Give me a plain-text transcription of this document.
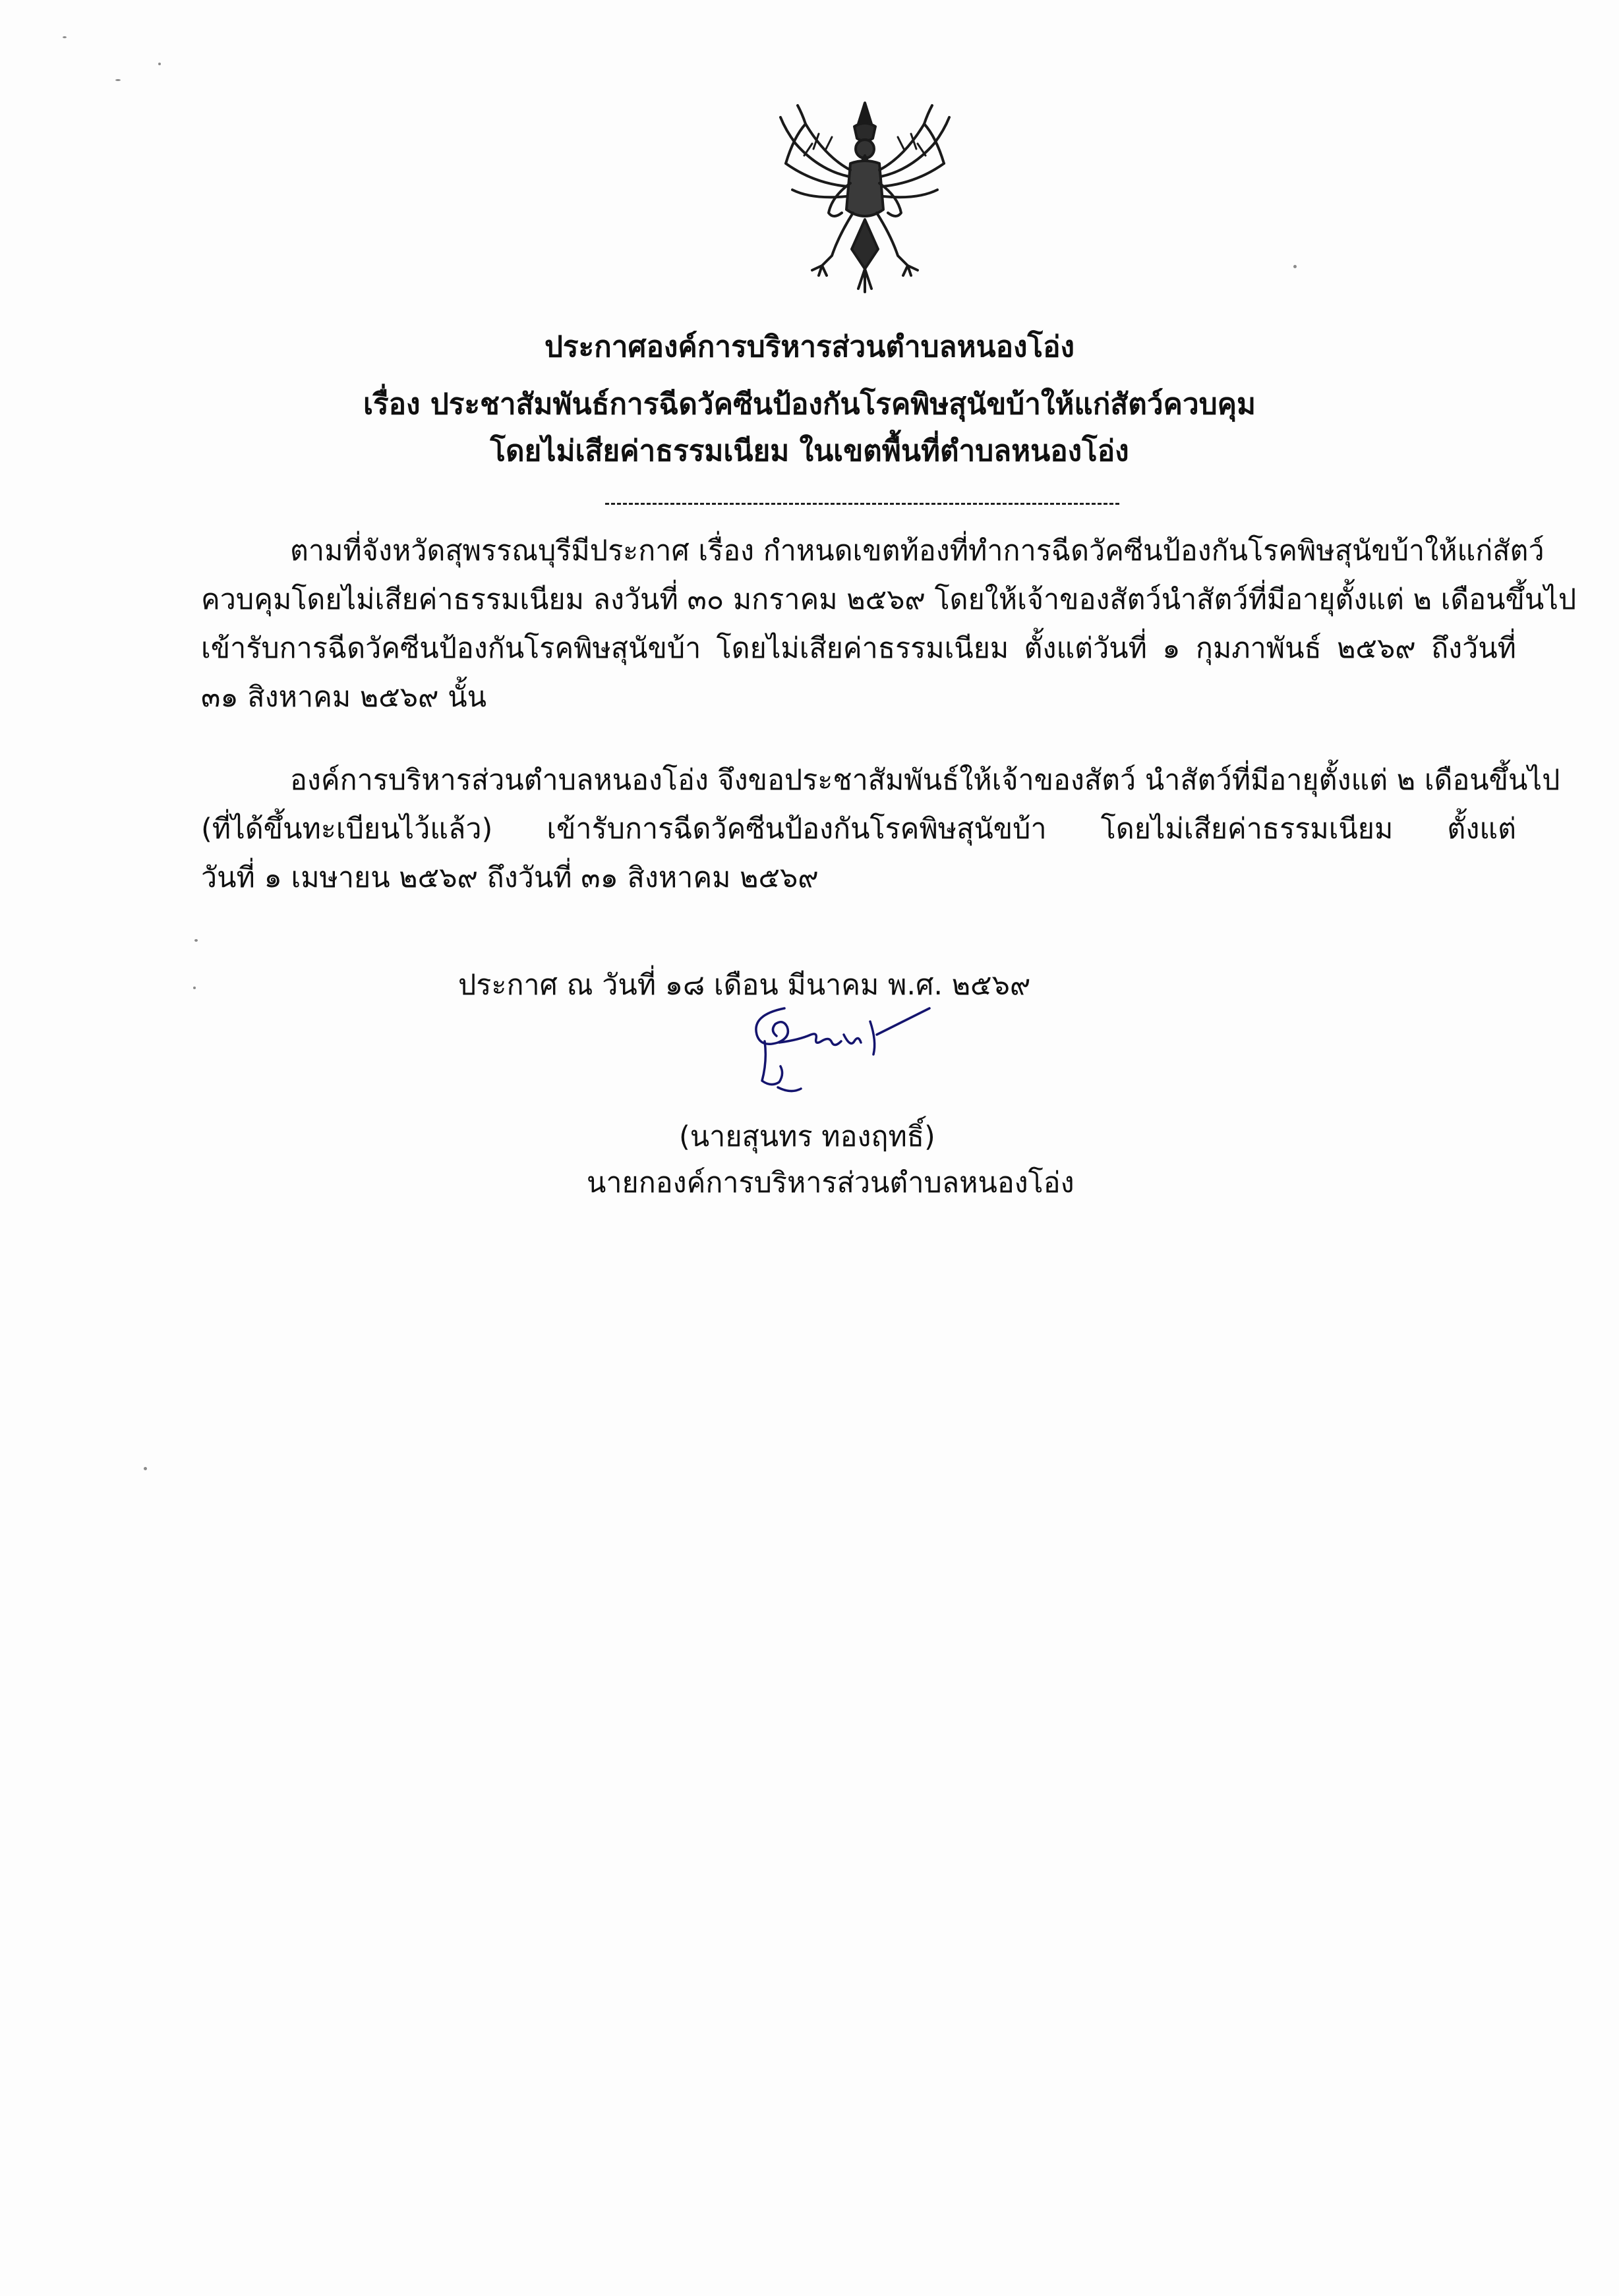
ประกาศองค์การบริหารส่วนตำบลหนองโอ่ง
เรื่อง ประชาสัมพันธ์การฉีดวัคซีนป้องกันโรคพิษสุนัขบ้าให้แก่สัตว์ควบคุม
โดยไม่เสียค่าธรรมเนียม ในเขตพื้นที่ตำบลหนองโอ่ง
ตามที่จังหวัดสุพรรณบุรีมีประกาศ เรื่อง กำหนดเขตท้องที่ทำการฉีดวัคซีนป้องกันโรคพิษสุนัขบ้าให้แก่สัตว์
ควบคุมโดยไม่เสียค่าธรรมเนียม ลงวันที่ ๓๐ มกราคม ๒๕๖๙ โดยให้เจ้าของสัตว์นำสัตว์ที่มีอายุตั้งแต่ ๒ เดือนขึ้นไป
เข้ารับการฉีดวัคซีนป้องกันโรคพิษสุนัขบ้า โดยไม่เสียค่าธรรมเนียม ตั้งแต่วันที่ ๑ กุมภาพันธ์ ๒๕๖๙ ถึงวันที่
๓๑ สิงหาคม ๒๕๖๙ นั้น
องค์การบริหารส่วนตำบลหนองโอ่ง จึงขอประชาสัมพันธ์ให้เจ้าของสัตว์ นำสัตว์ที่มีอายุตั้งแต่ ๒ เดือนขึ้นไป
(ที่ได้ขึ้นทะเบียนไว้แล้ว) เข้ารับการฉีดวัคซีนป้องกันโรคพิษสุนัขบ้า โดยไม่เสียค่าธรรมเนียม ตั้งแต่
วันที่ ๑ เมษายน ๒๕๖๙ ถึงวันที่ ๓๑ สิงหาคม ๒๕๖๙
ประกาศ ณ วันที่ ๑๘ เดือน มีนาคม พ.ศ. ๒๕๖๙
(นายสุนทร ทองฤทธิ์)
นายกองค์การบริหารส่วนตำบลหนองโอ่ง
